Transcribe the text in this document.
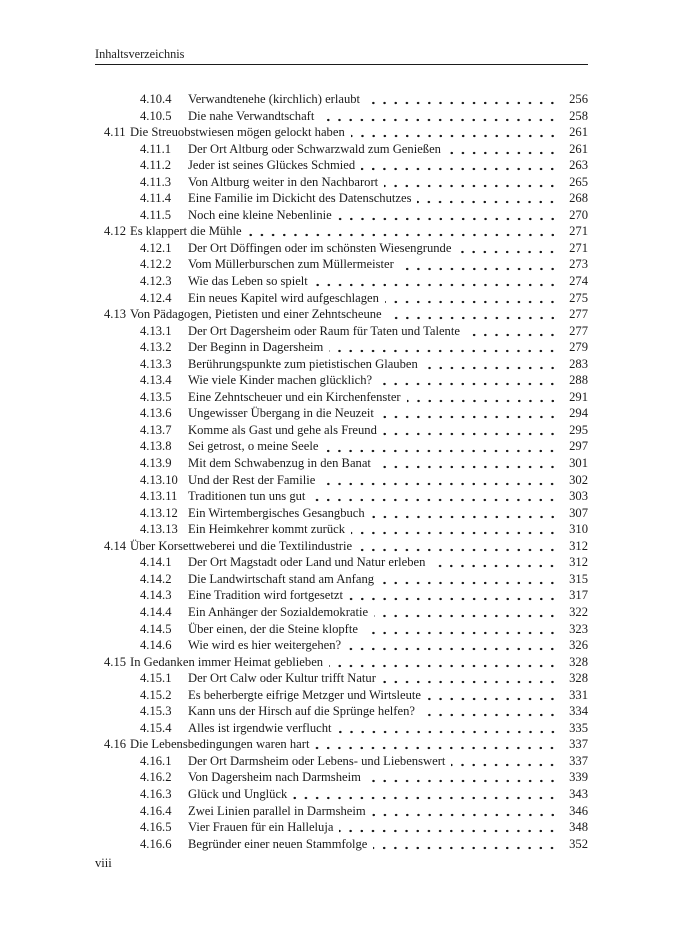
Inhaltsverzeichnis
4.10.4	Verwandtenehe (kirchlich) erlaubt	256
4.10.5	Die nahe Verwandtschaft	258
4.11 Die Streuobstwiesen mögen gelockt haben	261
4.11.1	Der Ort Altburg oder Schwarzwald zum Genießen	261
4.11.2	Jeder ist seines Glückes Schmied	263
4.11.3	Von Altburg weiter in den Nachbarort	265
4.11.4	Eine Familie im Dickicht des Datenschutzes	268
4.11.5	Noch eine kleine Nebenlinie	270
4.12 Es klappert die Mühle	271
4.12.1	Der Ort Döffingen oder im schönsten Wiesengrunde	271
4.12.2	Vom Müllerburschen zum Müllermeister	273
4.12.3	Wie das Leben so spielt	274
4.12.4	Ein neues Kapitel wird aufgeschlagen	275
4.13 Von Pädagogen, Pietisten und einer Zehntscheune	277
4.13.1	Der Ort Dagersheim oder Raum für Taten und Talente	277
4.13.2	Der Beginn in Dagersheim	279
4.13.3	Berührungspunkte zum pietistischen Glauben	283
4.13.4	Wie viele Kinder machen glücklich?	288
4.13.5	Eine Zehntscheuer und ein Kirchenfenster	291
4.13.6	Ungewisser Übergang in die Neuzeit	294
4.13.7	Komme als Gast und gehe als Freund	295
4.13.8	Sei getrost, o meine Seele	297
4.13.9	Mit dem Schwabenzug in den Banat	301
4.13.10 Und der Rest der Familie	302
4.13.11 Traditionen tun uns gut	303
4.13.12 Ein Wirtembergisches Gesangbuch	307
4.13.13 Ein Heimkehrer kommt zurück	310
4.14 Über Korsettweberei und die Textilindustrie	312
4.14.1	Der Ort Magstadt oder Land und Natur erleben	312
4.14.2	Die Landwirtschaft stand am Anfang	315
4.14.3	Eine Tradition wird fortgesetzt	317
4.14.4	Ein Anhänger der Sozialdemokratie	322
4.14.5	Über einen, der die Steine klopfte	323
4.14.6	Wie wird es hier weitergehen?	326
4.15 In Gedanken immer Heimat geblieben	328
4.15.1	Der Ort Calw oder Kultur trifft Natur	328
4.15.2	Es beherbergte eifrige Metzger und Wirtsleute	331
4.15.3	Kann uns der Hirsch auf die Sprünge helfen?	334
4.15.4	Alles ist irgendwie verflucht	335
4.16 Die Lebensbedingungen waren hart	337
4.16.1	Der Ort Darmsheim oder Lebens- und Liebenswert	337
4.16.2	Von Dagersheim nach Darmsheim	339
4.16.3	Glück und Unglück	343
4.16.4	Zwei Linien parallel in Darmsheim	346
4.16.5	Vier Frauen für ein Halleluja	348
4.16.6	Begründer einer neuen Stammfolge	352
viii
